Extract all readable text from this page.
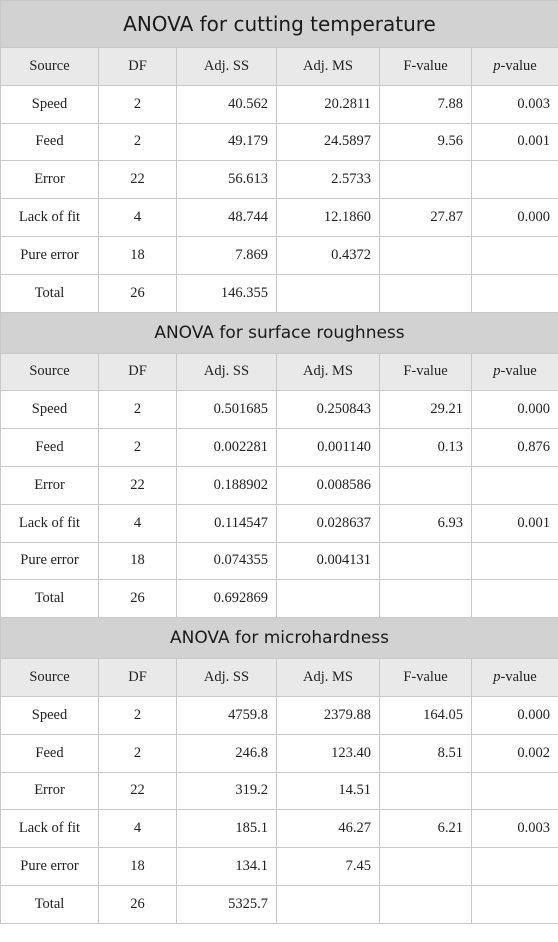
ANOVA for cutting temperature					
Source	DF	Adj. SS	Adj. MS	F-value	p-value
Speed	2	40.562	20.2811	7.88	0.003
Feed	2	49.179	24.5897	9.56	0.001
Error	22	56.613	2.5733		
Lack of fit	4	48.744	12.1860	27.87	0.000
Pure error	18	7.869	0.4372		
Total	26	146.355			
ANOVA for surface roughness					
Source	DF	Adj. SS	Adj. MS	F-value	p-value
Speed	2	0.501685	0.250843	29.21	0.000
Feed	2	0.002281	0.001140	0.13	0.876
Error	22	0.188902	0.008586		
Lack of fit	4	0.114547	0.028637	6.93	0.001
Pure error	18	0.074355	0.004131		
Total	26	0.692869			
ANOVA for microhardness					
Source	DF	Adj. SS	Adj. MS	F-value	p-value
Speed	2	4759.8	2379.88	164.05	0.000
Feed	2	246.8	123.40	8.51	0.002
Error	22	319.2	14.51		
Lack of fit	4	185.1	46.27	6.21	0.003
Pure error	18	134.1	7.45		
Total	26	5325.7			
